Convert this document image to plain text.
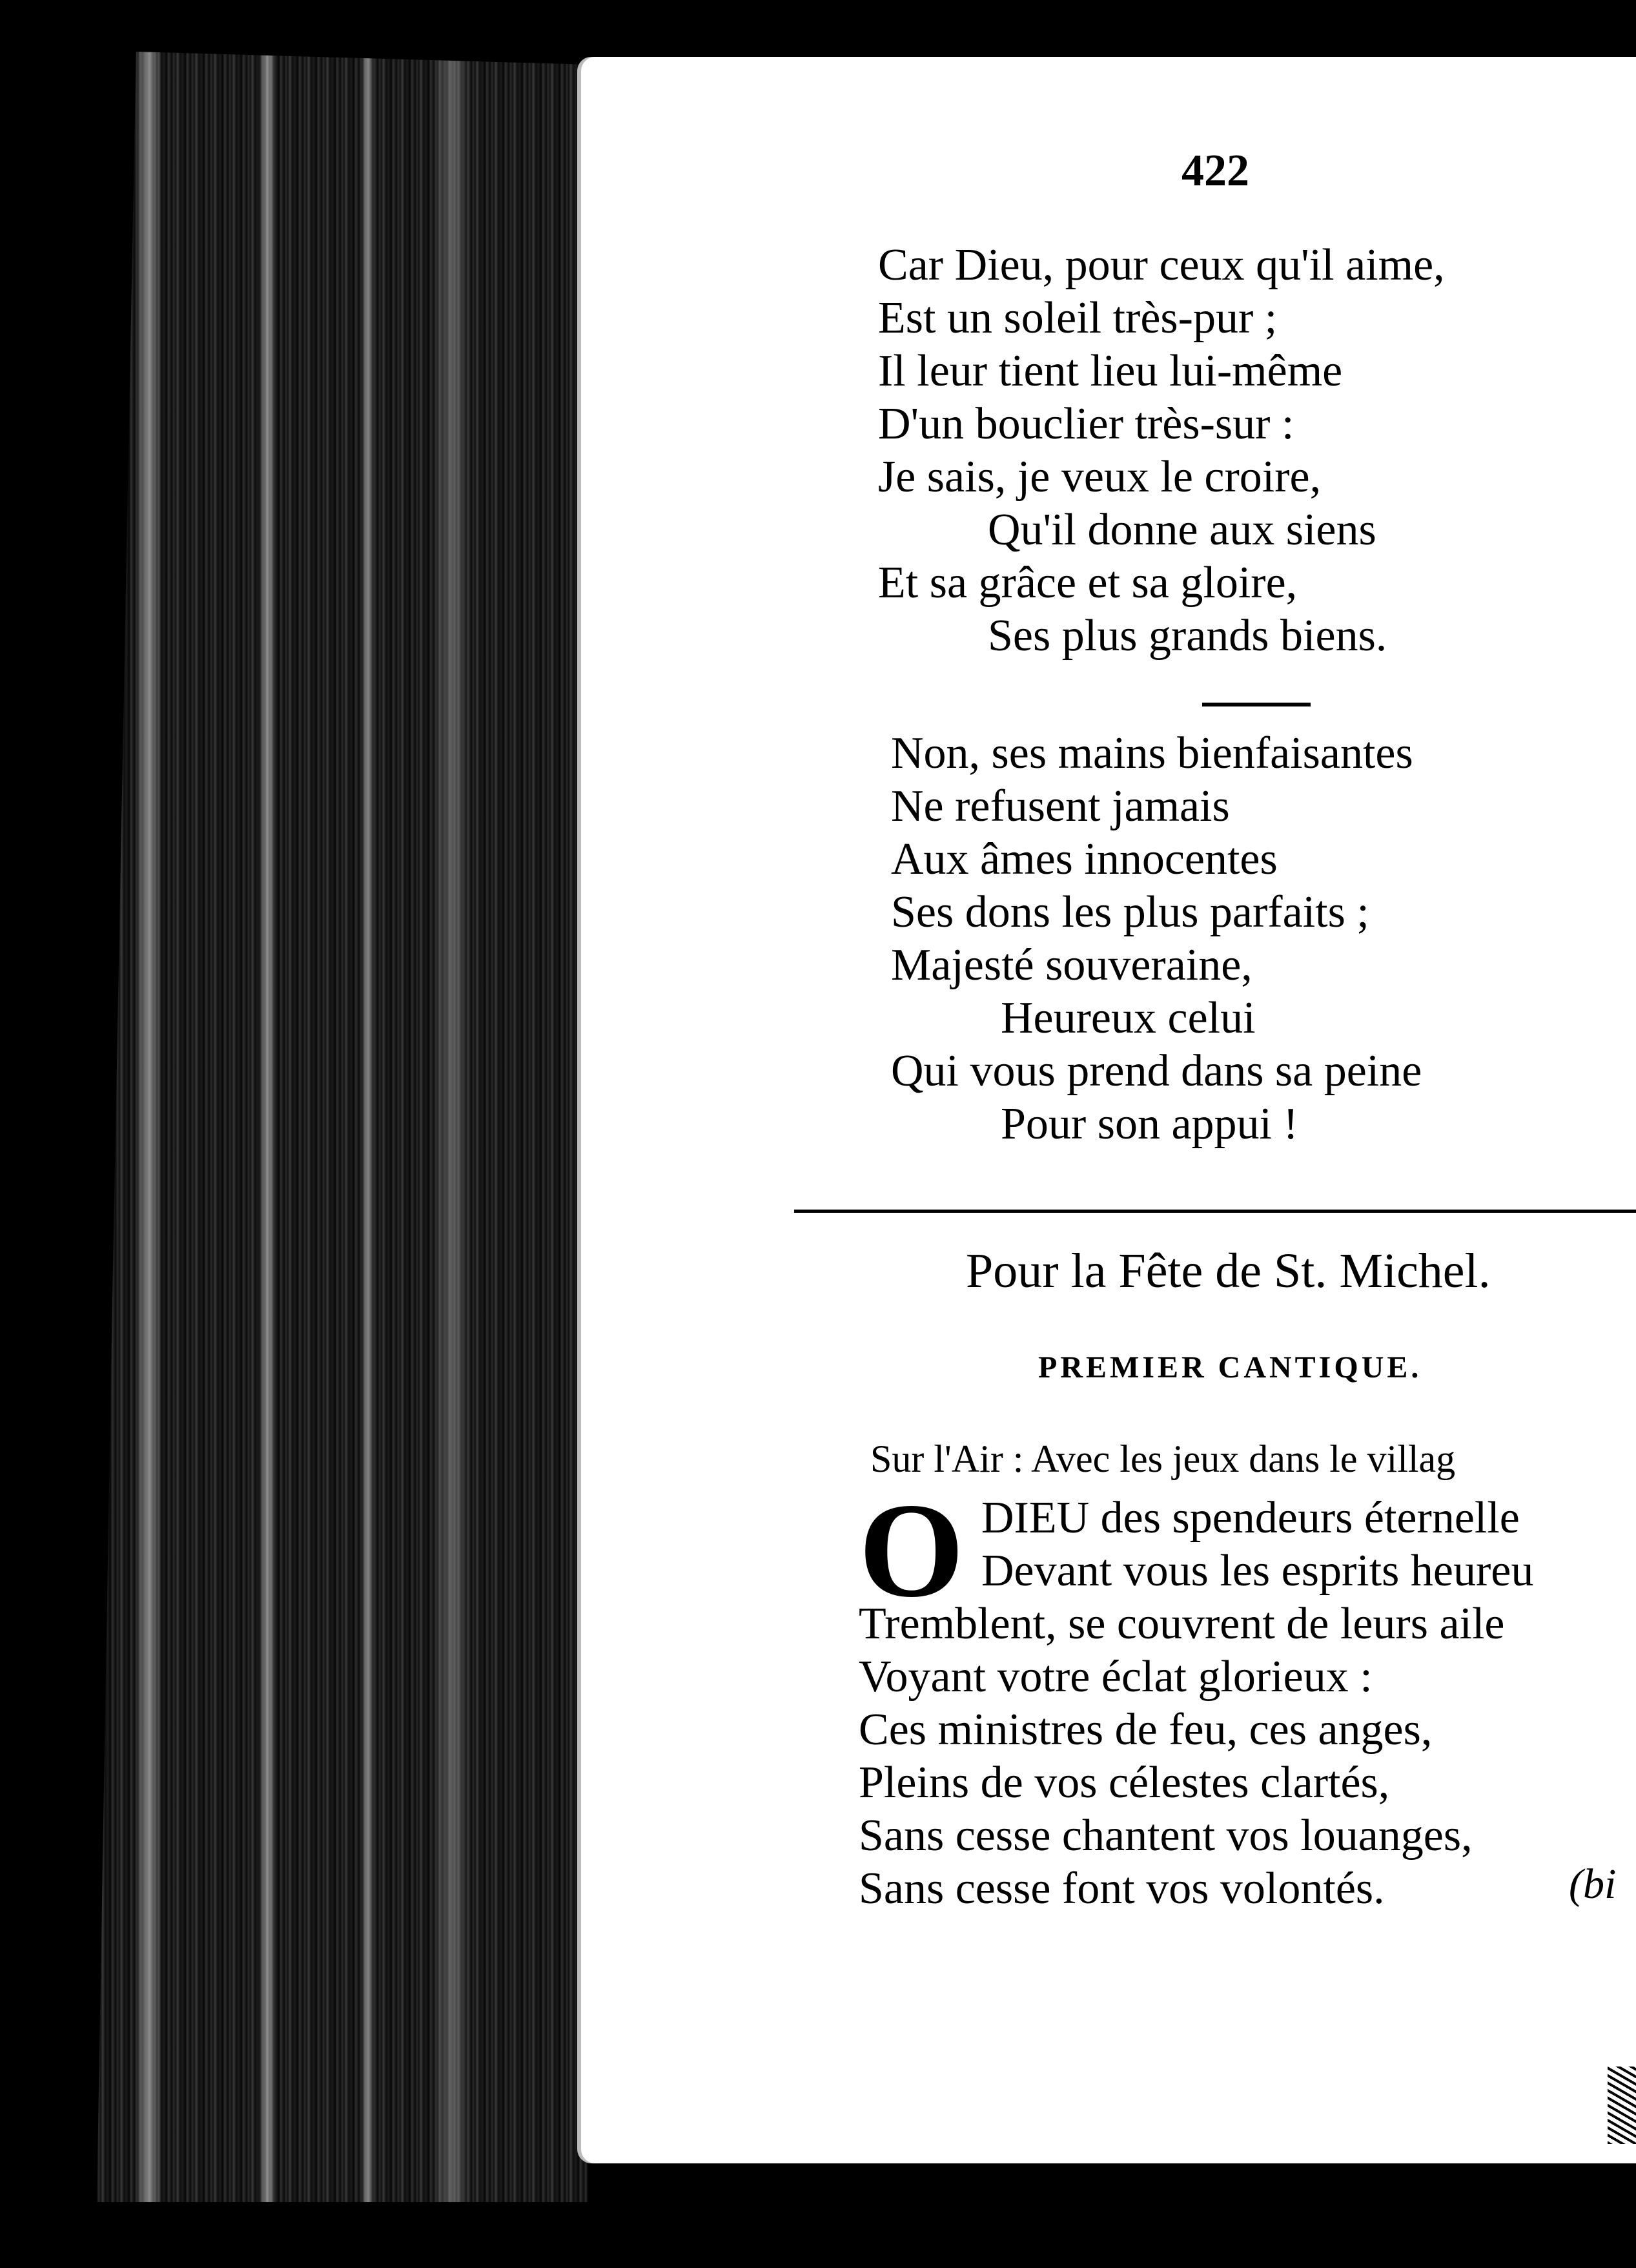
422
Car Dieu, pour ceux qu'il aime,
Est un soleil très-pur ;
Il leur tient lieu lui-même
D'un bouclier très-sur :
Je sais, je veux le croire,
Qu'il donne aux siens
Et sa grâce et sa gloire,
Ses plus grands biens.
Non, ses mains bienfaisantes
Ne refusent jamais
Aux âmes innocentes
Ses dons les plus parfaits ;
Majesté souveraine,
Heureux celui
Qui vous prend dans sa peine
Pour son appui !
Pour la Fête de St. Michel.
PREMIER CANTIQUE.
Sur l'Air : Avec les jeux dans le villag
O DIEU des spendeurs éternelle
Devant vous les esprits heureu
Tremblent, se couvrent de leurs aile
Voyant votre éclat glorieux :
Ces ministres de feu, ces anges,
Pleins de vos célestes clartés,
Sans cesse chantent vos louanges,
Sans cesse font vos volontés.	(bi
